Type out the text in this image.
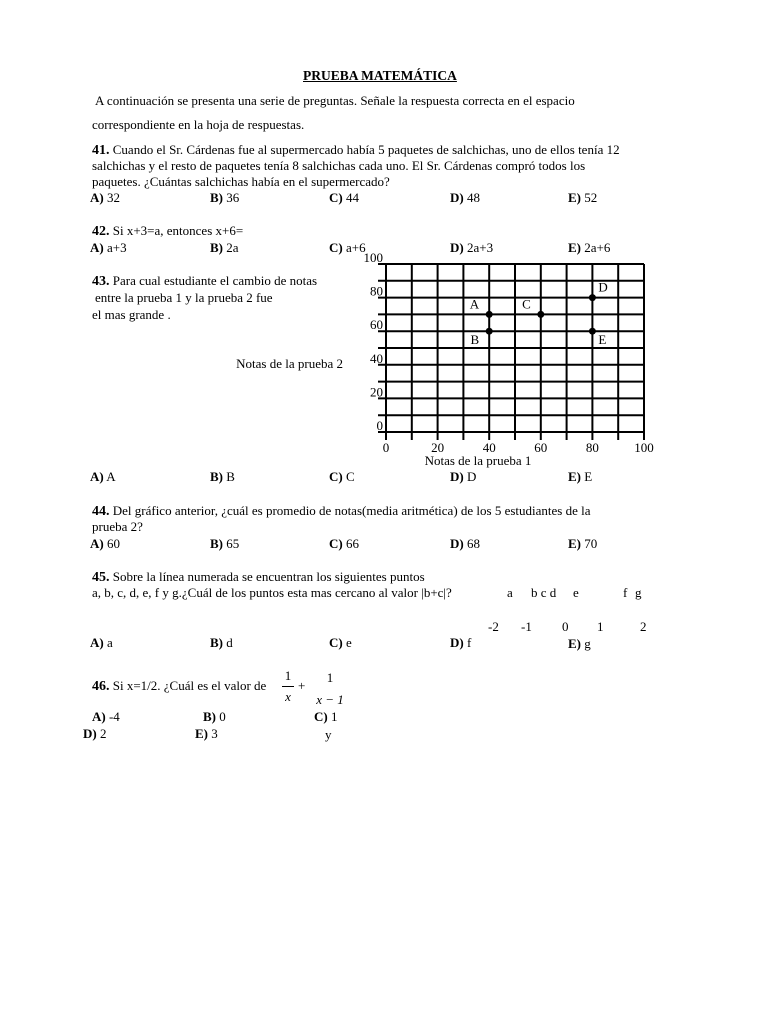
PRUEBA MATEMÁTICA
A continuación se presenta una serie de preguntas. Señale la respuesta correcta en el espacio
correspondiente en la hoja de respuestas.
41. Cuando el Sr. Cárdenas fue al supermercado había 5 paquetes de salchichas, uno de ellos tenía 12
salchichas y el resto de paquetes tenía 8 salchichas cada uno. El Sr. Cárdenas compró todos los
paquetes. ¿Cuántas salchichas había en el supermercado?
A) 32	B) 36	C) 44	D) 48	E) 52
42. Si x+3=a, entonces x+6=
A) a+3	B) 2a	C) a+6	D) 2a+3	E) 2a+6
43. Para cual estudiante el cambio de notas
entre la prueba 1 y la prueba 2 fue
el mas grande .
0	20	40	60	80	100
0
20
40
60
80
100
A
B
C
D
E
Notas de la prueba 1
Notas de la prueba 2
A) A	B) B	C) C	D) D	E) E
44. Del gráfico anterior, ¿cuál es promedio de notas(media aritmética) de los 5 estudiantes de la
prueba 2?
A) 60	B) 65	C) 66	D) 68	E) 70
45. Sobre la línea numerada se encuentran los siguientes puntos
a, b, c, d, e, f y g.¿Cuál de los puntos esta mas cercano al valor |b+c|?	a b c d e	f g
-2 -1 0 1	2
A) a	B) d	C) e	D) f	E) g
46. Si x=1/2. ¿Cuál es el valor de
1
x
+
1
x − 1
A) -4	B) 0	C) 1
D) 2	E) 3	y
